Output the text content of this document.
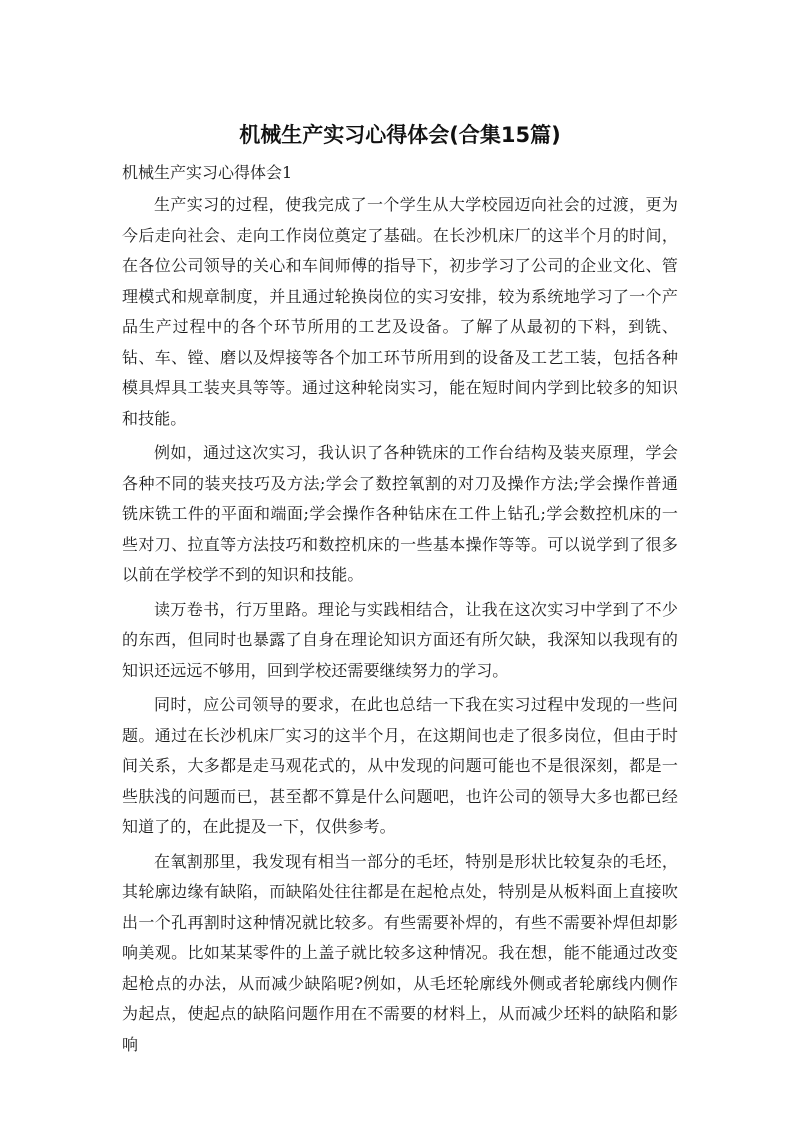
机械生产实习心得体会(合集15篇)

机械生产实习心得体会1

生产实习的过程，使我完成了一个学生从大学校园迈向社会的过渡，更为今后走向社会、走向工作岗位奠定了基础。在长沙机床厂的这半个月的时间，在各位公司领导的关心和车间师傅的指导下，初步学习了公司的企业文化、管理模式和规章制度，并且通过轮换岗位的实习安排，较为系统地学习了一个产品生产过程中的各个环节所用的工艺及设备。了解了从最初的下料，到铣、钻、车、镗、磨以及焊接等各个加工环节所用到的设备及工艺工装，包括各种模具焊具工装夹具等等。通过这种轮岗实习，能在短时间内学到比较多的知识和技能。

例如，通过这次实习，我认识了各种铣床的工作台结构及装夹原理，学会各种不同的装夹技巧及方法;学会了数控氧割的对刀及操作方法;学会操作普通铣床铣工件的平面和端面;学会操作各种钻床在工件上钻孔;学会数控机床的一些对刀、拉直等方法技巧和数控机床的一些基本操作等等。可以说学到了很多以前在学校学不到的知识和技能。

读万卷书，行万里路。理论与实践相结合，让我在这次实习中学到了不少的东西，但同时也暴露了自身在理论知识方面还有所欠缺，我深知以我现有的知识还远远不够用，回到学校还需要继续努力的学习。

同时，应公司领导的要求，在此也总结一下我在实习过程中发现的一些问题。通过在长沙机床厂实习的这半个月，在这期间也走了很多岗位，但由于时间关系，大多都是走马观花式的，从中发现的问题可能也不是很深刻，都是一些肤浅的问题而已，甚至都不算是什么问题吧，也许公司的领导大多也都已经知道了的，在此提及一下，仅供参考。

在氧割那里，我发现有相当一部分的毛坯，特别是形状比较复杂的毛坯，其轮廓边缘有缺陷，而缺陷处往往都是在起枪点处，特别是从板料面上直接吹出一个孔再割时这种情况就比较多。有些需要补焊的，有些不需要补焊但却影响美观。比如某某零件的上盖子就比较多这种情况。我在想，能不能通过改变起枪点的办法，从而减少缺陷呢?例如，从毛坯轮廓线外侧或者轮廓线内侧作为起点，使起点的缺陷问题作用在不需要的材料上，从而减少坯料的缺陷和影响
